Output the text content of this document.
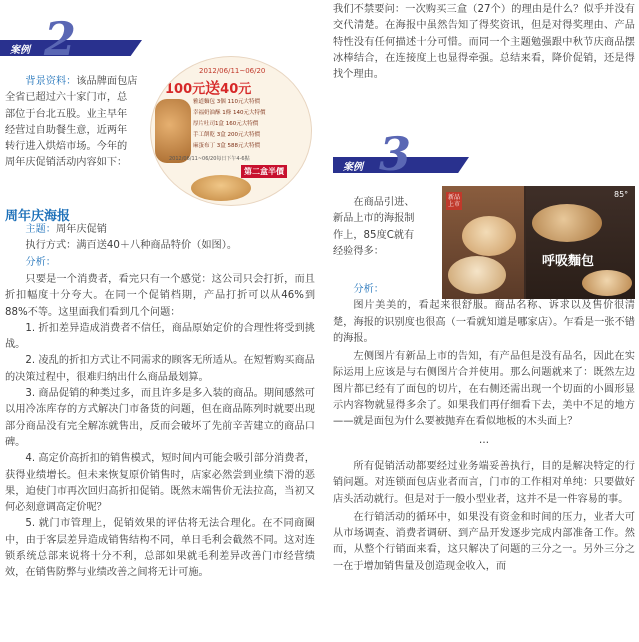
案例 2

背景资料：该品牌面包店

全省已超过六十家门市，总

部位于台北五股。业主早年

经营过自助餐生意，近两年

转行进入烘焙市场。今年的

周年庆促销活动内容如下：

2012/06/11~06/20
100元送40元
雅道麵包 3個 110元大特價
幸福奶油酥 1條 140元大特價
厚片吐司1盒 160元大特價
手工餅乾 3盒 200元大特價
麻蛋布丁 3盒 588元大特價
2012/06/11~06/20每日下午4-6點
第二盒半價
周年庆海报

主题：周年庆促销

执行方式：满百送40＋八种商品特价（如图）。

分析：

只要是一个消费者，看完只有一个感觉：这公司只会打折，而且折扣幅度十分夸大。在同一个促销档期，产品打折可以从46%到88%不等。这里面我们看到几个问题：

1. 折扣差异造成消费者不信任，商品原始定价的合理性将受到挑战。

2. 凌乱的折扣方式让不同需求的顾客无所适从。在短暂购买商品的决策过程中，很难归纳出什么商品最划算。

3. 商品促销的种类过多，而且许多是多入装的商品。期间感然可以用冷冻库存的方式解决门市备货的问题，但在商品陈列时就要出现部分商品没有完全解冻就售出，反而会破坏了先前辛苦建立的商品口碑。

4. 高定价高折扣的销售模式，短时间内可能会吸引部分消费者，获得业绩增长。但未来恢复原价销售时，店家必然尝到业绩下滑的恶果，迫使门市再次回归高折扣促销。既然末端售价无法拉高，当初又何必刻意调高定价呢？

5. 就门市管理上，促销效果的评估将无法合理化。在不同商圈中，由于客层差异造成销售结构不同，单日毛利会截然不同。这对连锁系统总部来说将十分不利，总部如果就毛利差异改善门市经营绩效，在销售防弊与业绩改善之间将无计可施。

我们不禁要问：一次购买三盒（27个）的理由是什么？似乎并没有交代清楚。在海报中虽然告知了得奖资讯，但是对得奖理由、产品特性没有任何描述十分可惜。而同一个主题勉强跟中秋节庆商品摆冰棒结合，在连接度上也显得牵强。总结来看，降价促销，还是得找个理由。

案例 3

在商品引进、

新品上市的海报制

作上，85度C就有

经验得多：

新品上市
85°
呼吸麵包

分析：

图片美美的，看起来很舒服。商品名称、诉求以及售价很清楚，海报的识别度也很高（一看就知道是哪家店）。乍看是一张不错的海报。

左侧图片有新品上市的告知，有产品但是没有品名，因此在实际运用上应该是与右侧图片合并使用。那么问题就来了：既然左边图片都已经有了面包的切片，在右侧还需出现一个切面的小圆形显示内容物就显得多余了。如果我们再仔细看下去，美中不足的地方——就是面包为什么要被抛弃在看似地板的木头面上？

…

所有促销活动都要经过业务端妥善执行，目的是解决特定的行销问题。对连锁面包店业者而言，门市的工作相对单纯：只要做好店头活动就行。但是对于一般小型业者，这并不是一件容易的事。

在行销活动的循环中，如果没有资金和时间的压力，业者大可从市场调查、消费者调研、到产品开发逐步完成内部准备工作。然而，从整个行销面来看，这只解决了问题的三分之一。另外三分之一在于增加销售量及创造现金收入，而
